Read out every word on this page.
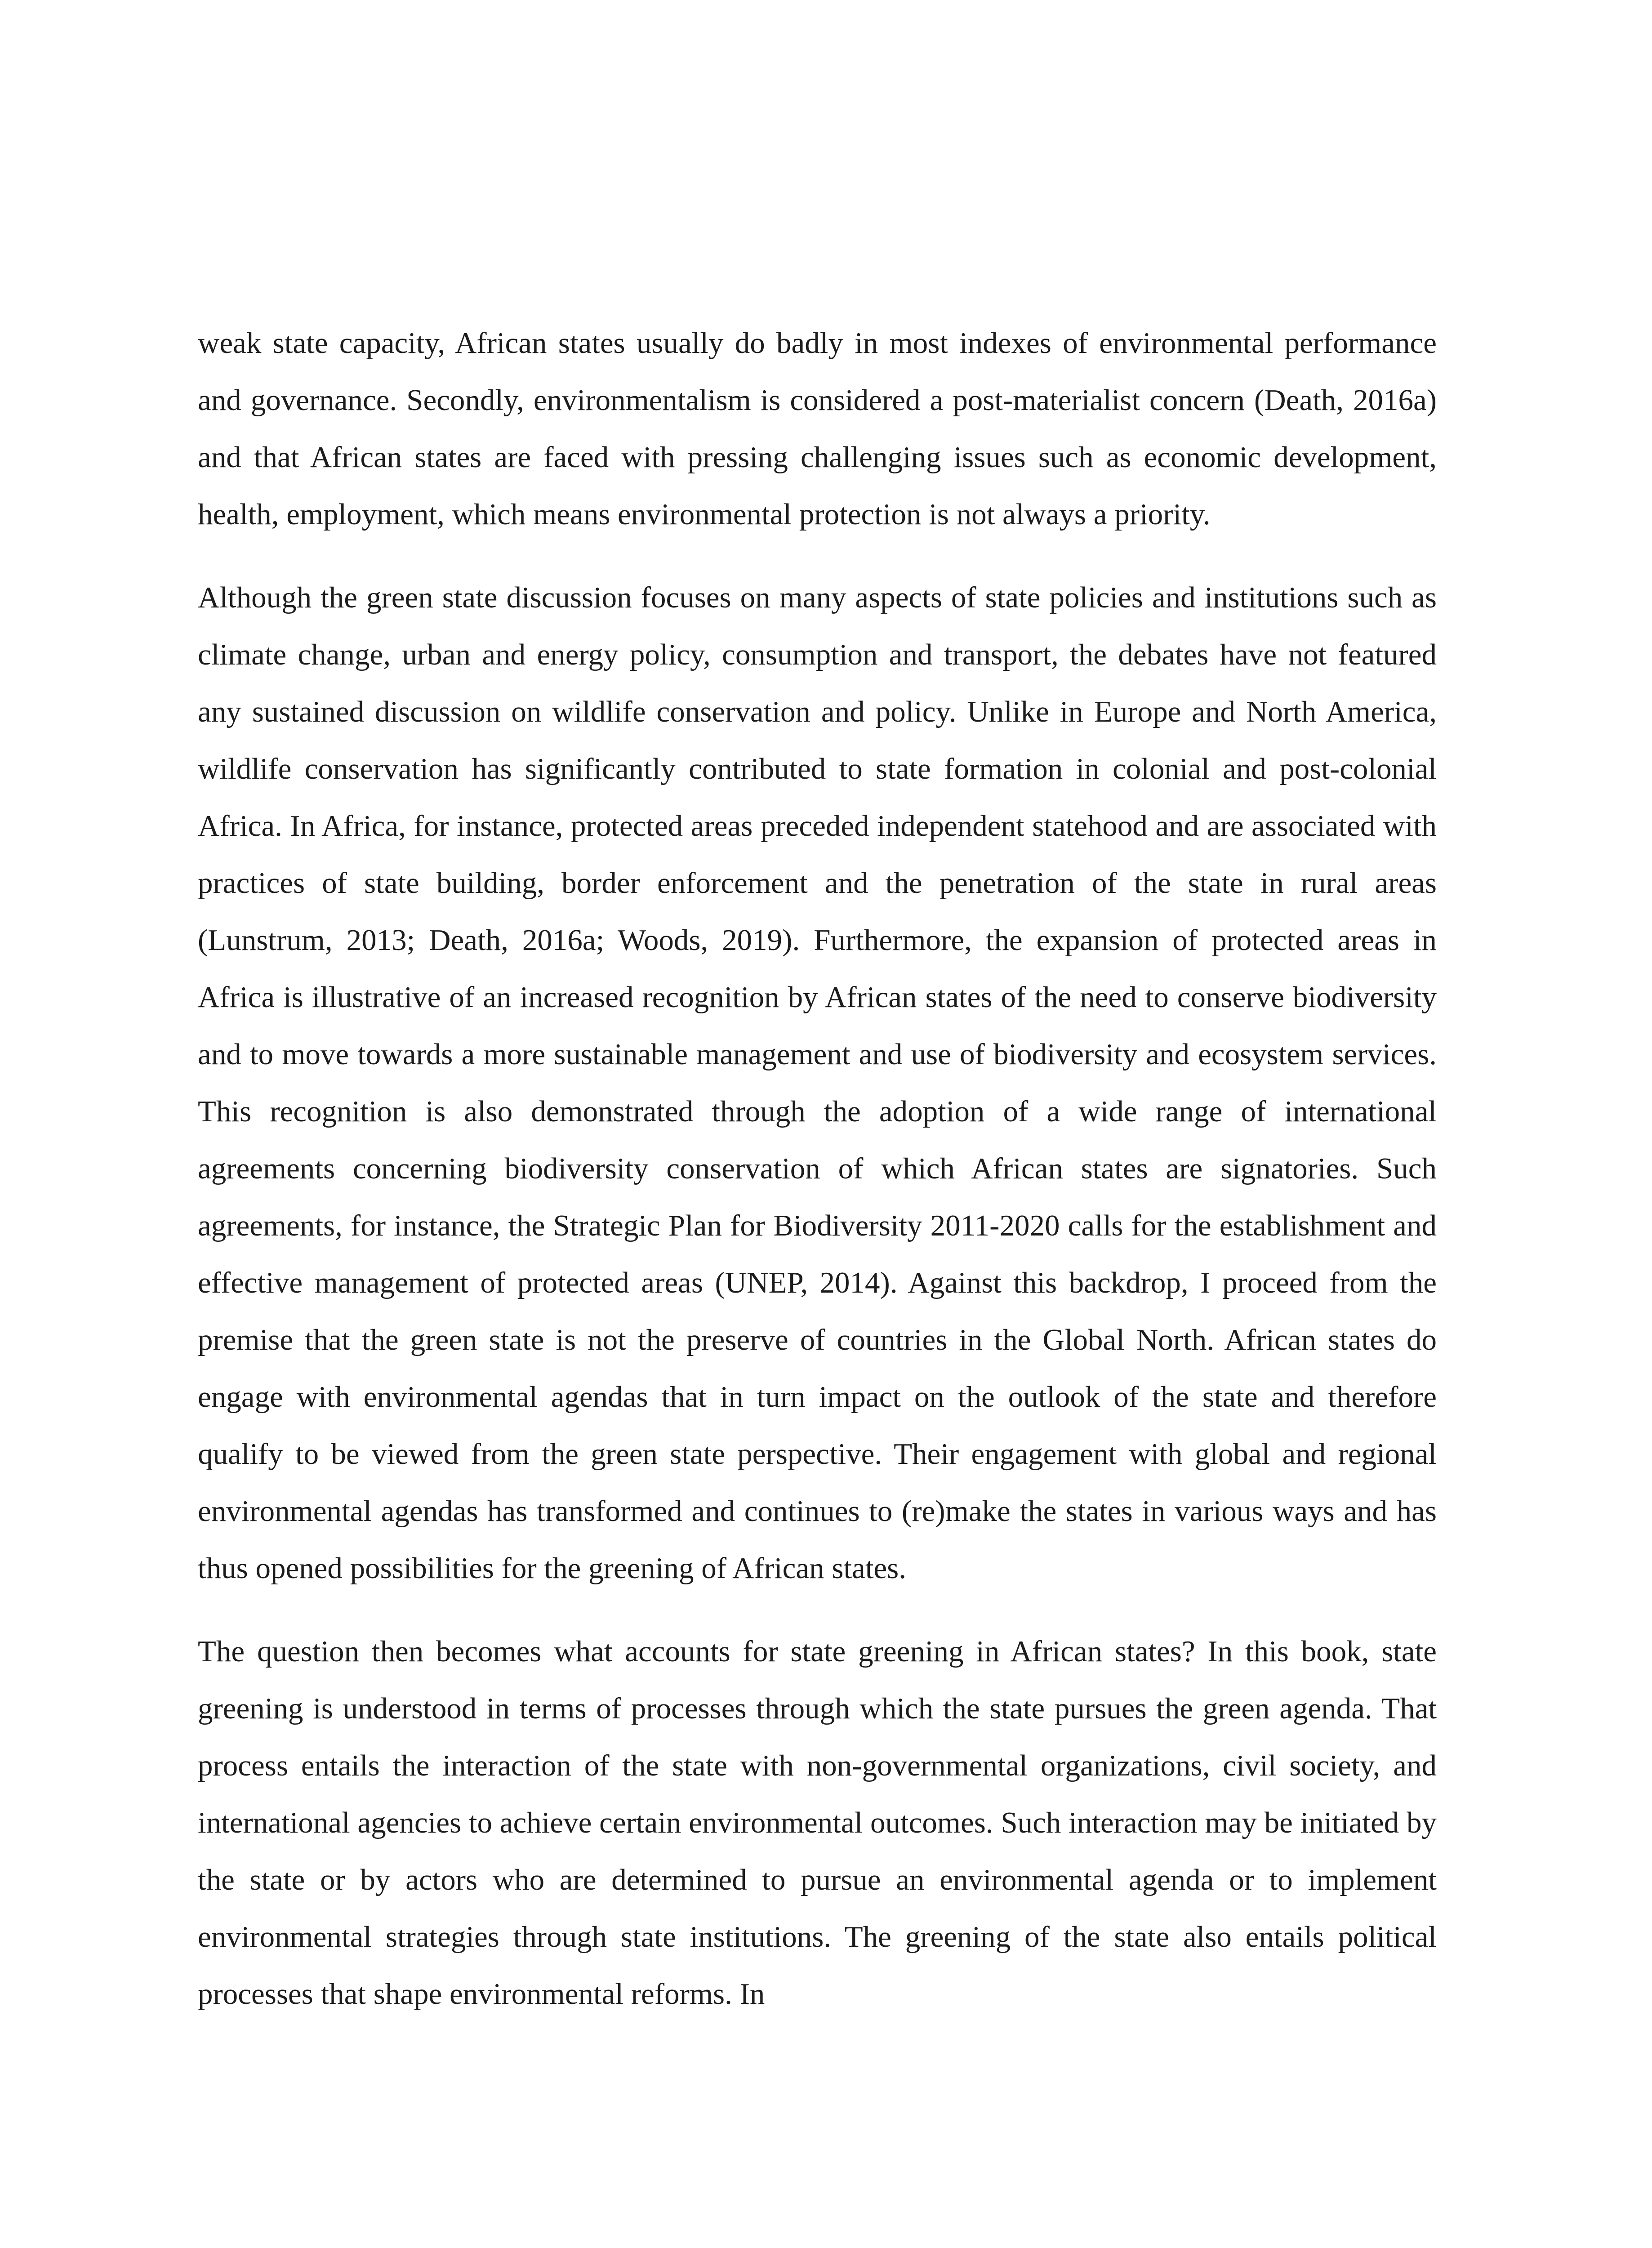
weak state capacity, African states usually do badly in most indexes of environmental performance and governance. Secondly, environmentalism is considered a post-materialist concern (Death, 2016a) and that African states are faced with pressing challenging issues such as economic development, health, employment, which means environmental protection is not always a priority.

Although the green state discussion focuses on many aspects of state policies and institutions such as climate change, urban and energy policy, consumption and transport, the debates have not featured any sustained discussion on wildlife conservation and policy. Unlike in Europe and North America, wildlife conservation has significantly contributed to state formation in colonial and post-colonial Africa. In Africa, for instance, protected areas preceded independent statehood and are associated with practices of state building, border enforcement and the penetration of the state in rural areas (Lunstrum, 2013; Death, 2016a; Woods, 2019). Furthermore, the expansion of protected areas in Africa is illustrative of an increased recognition by African states of the need to conserve biodiversity and to move towards a more sustainable management and use of biodiversity and ecosystem services. This recognition is also demonstrated through the adoption of a wide range of international agreements concerning biodiversity conservation of which African states are signatories. Such agreements, for instance, the Strategic Plan for Biodiversity 2011-2020 calls for the establishment and effective management of protected areas (UNEP, 2014). Against this backdrop, I proceed from the premise that the green state is not the preserve of countries in the Global North. African states do engage with environmental agendas that in turn impact on the outlook of the state and therefore qualify to be viewed from the green state perspective. Their engagement with global and regional environmental agendas has transformed and continues to (re)make the states in various ways and has thus opened possibilities for the greening of African states.

The question then becomes what accounts for state greening in African states? In this book, state greening is understood in terms of processes through which the state pursues the green agenda. That process entails the interaction of the state with non-governmental organizations, civil society, and international agencies to achieve certain environmental outcomes. Such interaction may be initiated by the state or by actors who are determined to pursue an environmental agenda or to implement environmental strategies through state institutions. The greening of the state also entails political processes that shape environmental reforms. In
